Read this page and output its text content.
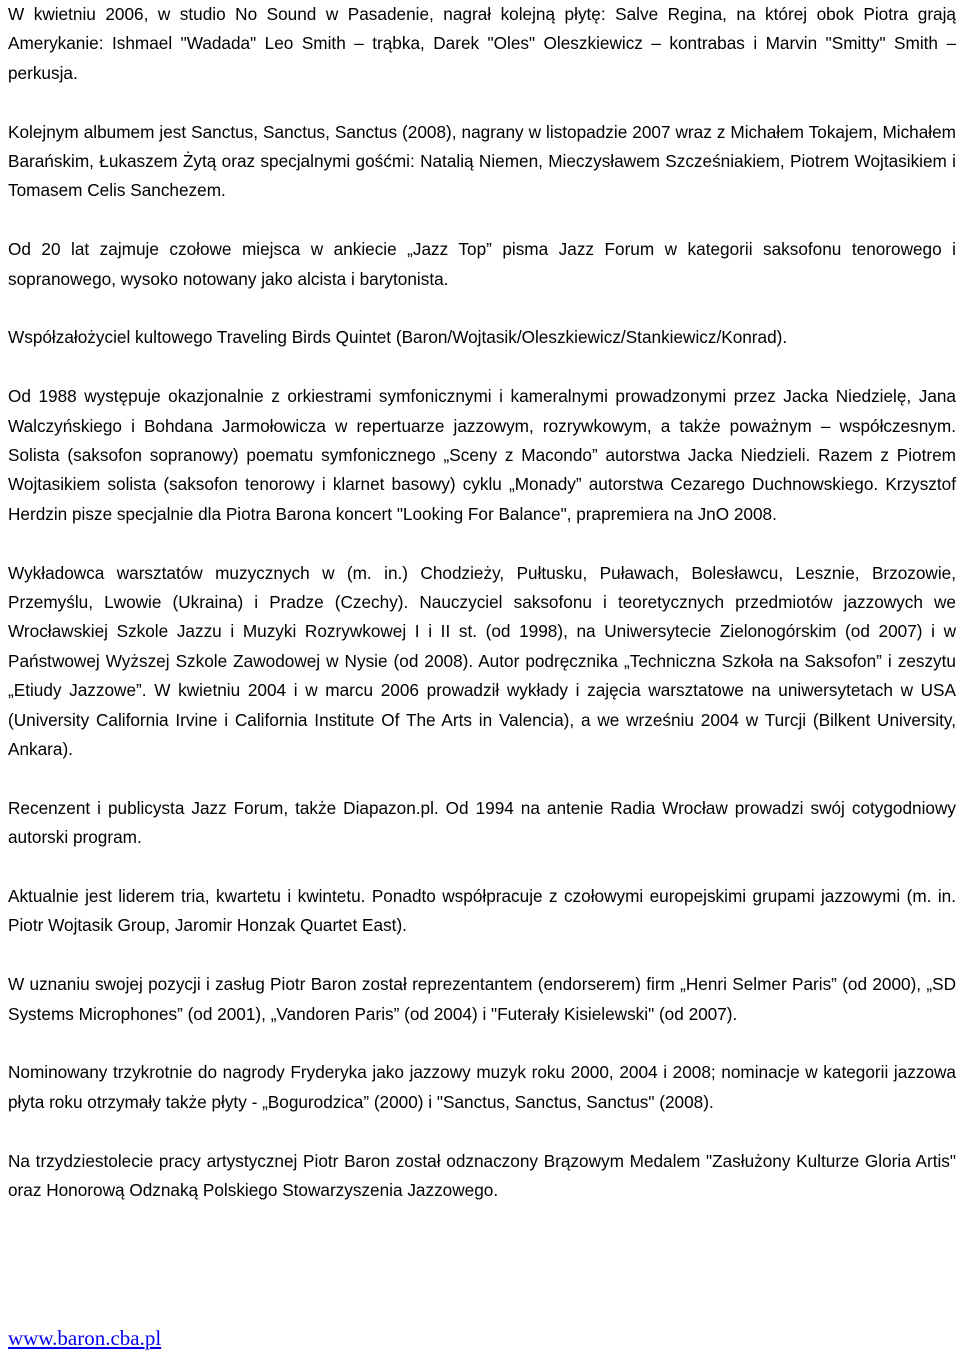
W kwietniu 2006, w studio No Sound w Pasadenie, nagrał kolejną płytę: Salve Regina, na której obok Piotra grają Amerykanie: Ishmael "Wadada" Leo Smith – trąbka, Darek "Oles" Oleszkiewicz – kontrabas i Marvin "Smitty" Smith – perkusja.

Kolejnym albumem jest Sanctus, Sanctus, Sanctus (2008), nagrany w listopadzie 2007 wraz z Michałem Tokajem, Michałem Barańskim, Łukaszem Żytą oraz specjalnymi gośćmi: Natalią Niemen, Mieczysławem Szcześniakiem, Piotrem Wojtasikiem i Tomasem Celis Sanchezem.

Od 20 lat zajmuje czołowe miejsca w ankiecie „Jazz Top” pisma Jazz Forum w kategorii saksofonu tenorowego i sopranowego, wysoko notowany jako alcista i barytonista.

Współzałożyciel kultowego Traveling Birds Quintet (Baron/Wojtasik/Oleszkiewicz/Stankiewicz/Konrad).

Od 1988 występuje okazjonalnie z orkiestrami symfonicznymi i kameralnymi prowadzonymi przez Jacka Niedzielę, Jana Walczyńskiego i Bohdana Jarmołowicza w repertuarze jazzowym, rozrywkowym, a także poważnym – współczesnym. Solista (saksofon sopranowy) poematu symfonicznego „Sceny z Macondo” autorstwa Jacka Niedzieli. Razem z Piotrem Wojtasikiem solista (saksofon tenorowy i klarnet basowy) cyklu „Monady” autorstwa Cezarego Duchnowskiego. Krzysztof Herdzin pisze specjalnie dla Piotra Barona koncert "Looking For Balance", prapremiera na JnO 2008.

Wykładowca warsztatów muzycznych w (m. in.) Chodzieży, Pułtusku, Puławach, Bolesławcu, Lesznie, Brzozowie, Przemyślu, Lwowie (Ukraina) i Pradze (Czechy). Nauczyciel saksofonu i teoretycznych przedmiotów jazzowych we Wrocławskiej Szkole Jazzu i Muzyki Rozrywkowej I i II st. (od 1998), na Uniwersytecie Zielonogórskim (od 2007) i w Państwowej Wyższej Szkole Zawodowej w Nysie (od 2008). Autor podręcznika „Techniczna Szkoła na Saksofon” i zeszytu „Etiudy Jazzowe”. W kwietniu 2004 i w marcu 2006 prowadził wykłady i zajęcia warsztatowe na uniwersytetach w USA (University California Irvine i California Institute Of The Arts in Valencia), a we wrześniu 2004 w Turcji (Bilkent University, Ankara).

Recenzent i publicysta Jazz Forum, także Diapazon.pl. Od 1994 na antenie Radia Wrocław prowadzi swój cotygodniowy autorski program.

Aktualnie jest liderem tria, kwartetu i kwintetu. Ponadto współpracuje z czołowymi europejskimi grupami jazzowymi (m. in. Piotr Wojtasik Group, Jaromir Honzak Quartet East).

W uznaniu swojej pozycji i zasług Piotr Baron został reprezentantem (endorserem) firm „Henri Selmer Paris” (od 2000), „SD Systems Microphones” (od 2001), „Vandoren Paris” (od 2004) i "Futerały Kisielewski" (od 2007).

Nominowany trzykrotnie do nagrody Fryderyka jako jazzowy muzyk roku 2000, 2004 i 2008; nominacje w kategorii jazzowa płyta roku otrzymały także płyty - „Bogurodzica” (2000) i "Sanctus, Sanctus, Sanctus" (2008).

Na trzydziestolecie pracy artystycznej Piotr Baron został odznaczony Brązowym Medalem "Zasłużony Kulturze Gloria Artis" oraz Honorową Odznaką Polskiego Stowarzyszenia Jazzowego.

www.baron.cba.pl
